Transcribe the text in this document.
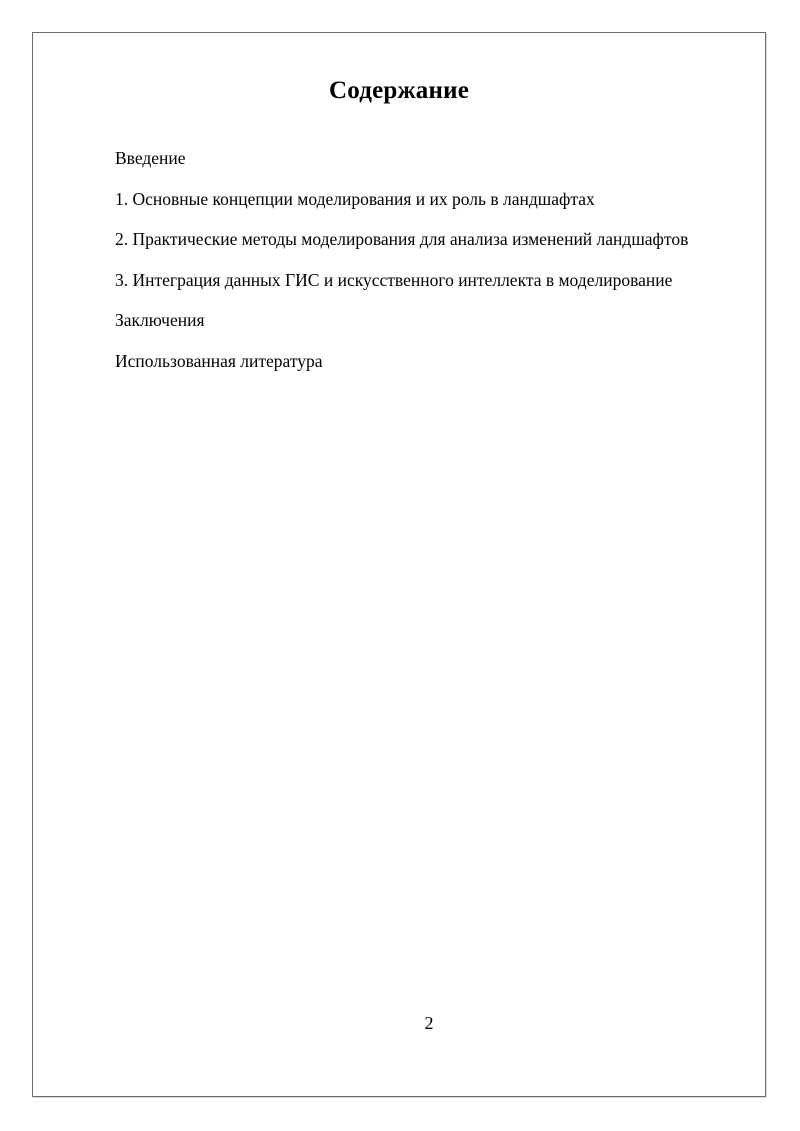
Содержание
Введение
1. Основные концепции моделирования и их роль в ландшафтах
2. Практические методы моделирования для анализа изменений ландшафтов
3. Интеграция данных ГИС и искусственного интеллекта в моделирование
Заключения
Использованная литература
2
